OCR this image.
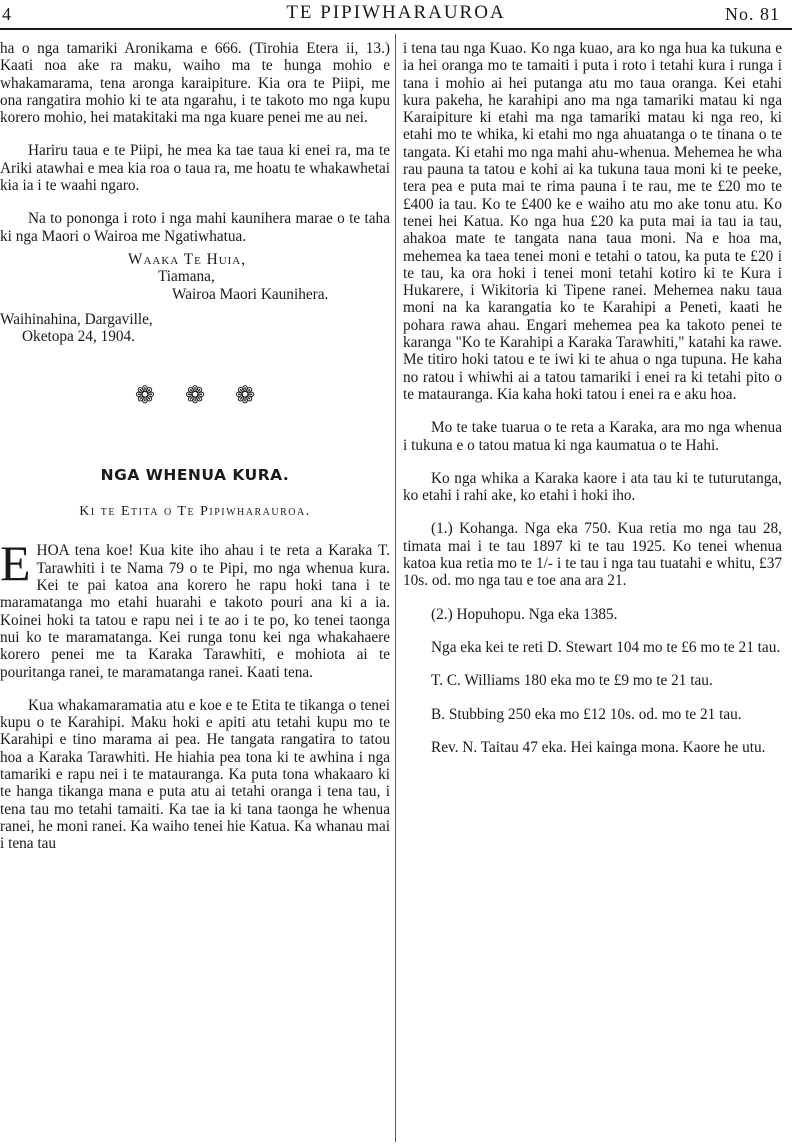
4	TE PIPIWHARAUROA	No. 81

ha o nga tamariki Aronikama e 666. (Tirohia Etera ii, 13.) Kaati noa ake ra maku, waiho ma te hunga mohio e whakamarama, tena aronga karaipiture. Kia ora te Piipi, me ona rangatira mohio ki te ata ngarahu, i te takoto mo nga kupu korero mohio, hei matakitaki ma nga kuare penei me au nei.

Hariru taua e te Piipi, he mea ka tae taua ki enei ra, ma te Ariki atawhai e mea kia roa o taua ra, me hoatu te whakawhetai kia ia i te waahi ngaro.

Na to pononga i roto i nga mahi kaunihera marae o te taha ki nga Maori o Wairoa me Ngatiwhatua.

Waaka Te Huia,
Tiamana,
Wairoa Maori Kaunihera.
Waihinahina, Dargaville,
Oketopa 24, 1904.
❁ ❁ ❁
NGA WHENUA KURA.
Ki te Etita o Te Pipiwharauroa.

EHOA tena koe! Kua kite iho ahau i te reta a Karaka T. Tarawhiti i te Nama 79 o te Pipi, mo nga whenua kura. Kei te pai katoa ana korero he rapu hoki tana i te maramatanga mo etahi huarahi e takoto pouri ana ki a ia. Koinei hoki ta tatou e rapu nei i te ao i te po, ko tenei taonga nui ko te maramatanga. Kei runga tonu kei nga whakahaere korero penei me ta Karaka Tarawhiti, e mohiota ai te pouritanga ranei, te maramatanga ranei. Kaati tena.

Kua whakamaramatia atu e koe e te Etita te tikanga o tenei kupu o te Karahipi. Maku hoki e apiti atu tetahi kupu mo te Karahipi e tino marama ai pea. He tangata rangatira to tatou hoa a Karaka Tarawhiti. He hiahia pea tona ki te awhina i nga tamariki e rapu nei i te matauranga. Ka puta tona whakaaro ki te hanga tikanga mana e puta atu ai tetahi oranga i tena tau, i tena tau mo tetahi tamaiti. Ka tae ia ki tana taonga he whenua ranei, he moni ranei. Ka waiho tenei hie Katua. Ka whanau mai i tena tau

i tena tau nga Kuao. Ko nga kuao, ara ko nga hua ka tukuna e ia hei oranga mo te tamaiti i puta i roto i tetahi kura i runga i tana i mohio ai hei putanga atu mo taua oranga. Kei etahi kura pakeha, he karahipi ano ma nga tamariki matau ki nga Karaipiture ki etahi ma nga tamariki matau ki nga reo, ki etahi mo te whika, ki etahi mo nga ahuatanga o te tinana o te tangata. Ki etahi mo nga mahi ahu-whenua. Mehemea he wha rau pauna ta tatou e kohi ai ka tukuna taua moni ki te peeke, tera pea e puta mai te rima pauna i te rau, me te £20 mo te £400 ia tau. Ko te £400 ke e waiho atu mo ake tonu atu. Ko tenei hei Katua. Ko nga hua £20 ka puta mai ia tau ia tau, ahakoa mate te tangata nana taua moni. Na e hoa ma, mehemea ka taea tenei moni e tetahi o tatou, ka puta te £20 i te tau, ka ora hoki i tenei moni tetahi kotiro ki te Kura i Hukarere, i Wikitoria ki Tipene ranei. Mehemea naku taua moni na ka karangatia ko te Karahipi a Peneti, kaati he pohara rawa ahau. Engari mehemea pea ka takoto penei te karanga "Ko te Karahipi a Karaka Tarawhiti," katahi ka rawe. Me titiro hoki tatou e te iwi ki te ahua o nga tupuna. He kaha no ratou i whiwhi ai a tatou tamariki i enei ra ki tetahi pito o te matauranga. Kia kaha hoki tatou i enei ra e aku hoa.

Mo te take tuarua o te reta a Karaka, ara mo nga whenua i tukuna e o tatou matua ki nga kaumatua o te Hahi.

Ko nga whika a Karaka kaore i ata tau ki te tuturutanga, ko etahi i rahi ake, ko etahi i hoki iho.

(1.) Kohanga. Nga eka 750. Kua retia mo nga tau 28, timata mai i te tau 1897 ki te tau 1925. Ko tenei whenua katoa kua retia mo te 1/- i te tau i nga tau tuatahi e whitu, £37 10s. od. mo nga tau e toe ana ara 21.

(2.) Hopuhopu. Nga eka 1385.

Nga eka kei te reti D. Stewart 104 mo te £6 mo te 21 tau.

T. C. Williams 180 eka mo te £9 mo te 21 tau.

B. Stubbing 250 eka mo £12 10s. od. mo te 21 tau.

Rev. N. Taitau 47 eka. Hei kainga mona. Kaore he utu.
